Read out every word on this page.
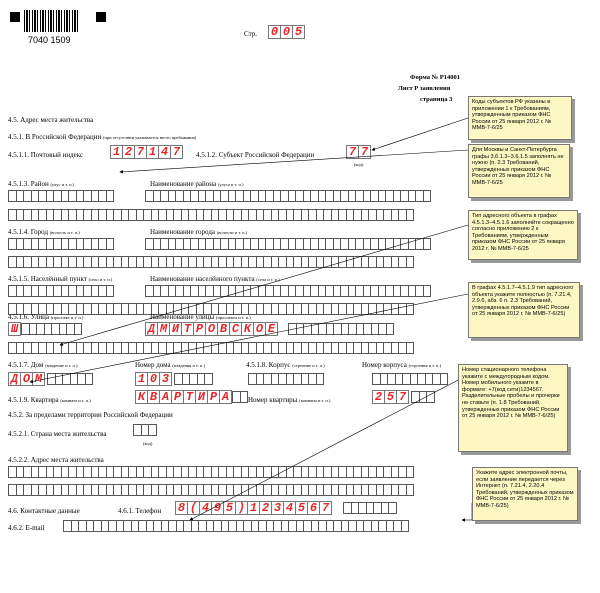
7040 1509
Стр. 0 0 5
Форма № Р14001
Лист Р заявления
страница 3
4.5. Адрес места жительства
4.5.1. В Российской Федерации (при отсутствии указывается место пребывания)
4.5.1.1. Почтовый индекс 1 2 7 1 4 7	4.5.1.2. Субъект Российской Федерации	7 7
(код)
4.5.1.3. Район (улус и т. п.)	Наименование района (улуса и т. п.)
4.5.1.4. Город (волость и т. п.)	Наименование города (волости и т. п.)
4.5.1.5. Населённый пункт (село и т. п.)	Наименование населённого пункта (села и т. п.)
4.5.1.6. Улица (проспект и т. п.)	Наименование улицы (проспекта и т. п.)
Ш	Д М И Т Р О В С К О Е
4.5.1.7. Дом (владение и т. п.)	Номер дома (владения и т. п.)	4.5.1.8. Корпус (строение и т. п.)	Номер корпуса (строения и т. п.)
Д О М	1 0 3
4.5.1.9. Квартира (комната и т. п.)	К В А Р Т И Р А	Номер квартиры (комнаты и т. п.)	2 5 7
4.5.2. За пределами территории Российской Федерации
4.5.2.1. Страна места жительства
(код)
4.5.2.2. Адрес места жительства
4.6. Контактные данные	4.6.1. Телефон 8 ( 4 9 5 ) 1 2 3 4 5 6 7
4.6.2. E-mail
Коды субъектов РФ указаны в приложении 1 к Требованиям, утвержденным приказом ФНС России от 25 января 2012 г. № ММВ-7-6/25
Для Москвы и Санкт-Петербурга графы 3.6.1.3–3.6.1.5 заполнять не нужно (п. 2.3 Требований, утвержденных приказом ФНС России от 25 января 2012 г. № ММВ-7-6/25
Тип адресного объекта в графах 4.5.1.3–4.5.1.6 заполняйте сокращенно согласно приложению 2 к Требованиям, утвержденным приказом ФНС России от 25 января 2012 г. № ММВ-7-6/25
В графах 4.5.1.7–4.5.1.9 тип адресного объекта укажите полностью (п. 7.21.4, 2.9.6, абз. 6 п. 2.3 Требований, утвержденных приказом ФНС России от 25 января 2012 г. № ММВ-7-6/25)
Номер стационарного телефона укажите с междугородным кодом. Номер мобильного укажите в формате: +7(код сети)1234567. Разделительные пробелы и прочерки не ставьте (п. 1.8 Требований, утвержденных приказом ФНС России от 25 января 2012 г. № ММВ-7-6/25)
Укажите адрес электронной почты, если заявление передается через Интернет (п. 7.21.4, 2.20.4 Требований, утвержденных приказом ФНС России от 25 января 2012 г. № ММВ-7-6/25)
